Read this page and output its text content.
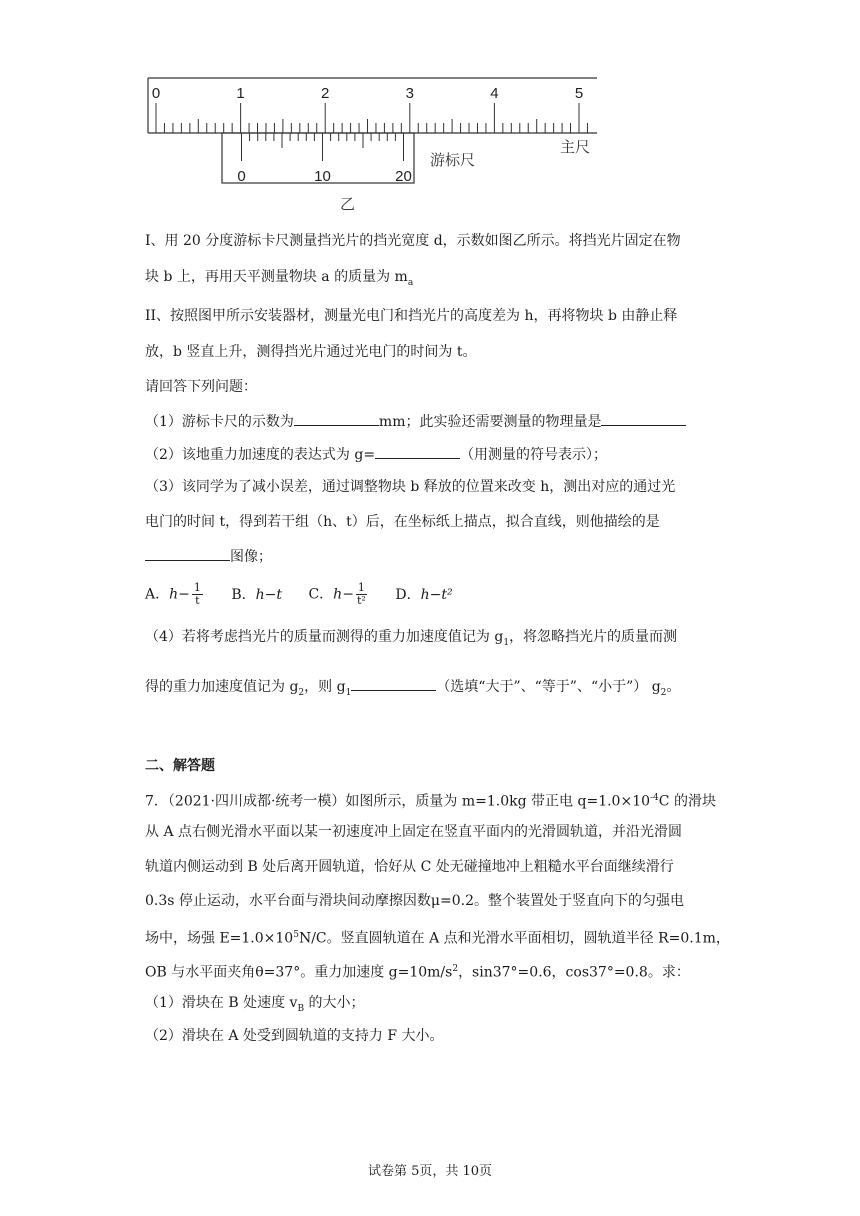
0	1	2	3	4	5
0	10	20
主尺
游标尺
乙
I、用 20 分度游标卡尺测量挡光片的挡光宽度 d，示数如图乙所示。将挡光片固定在物
块 b 上，再用天平测量物块 a 的质量为 $m_a$
II、按照图甲所示安装器材，测量光电门和挡光片的高度差为 h，再将物块 b 由静止释
放，b 竖直上升，测得挡光片通过光电门的时间为 t。
请回答下列问题：
（1）游标卡尺的示数为	mm；此实验还需要测量的物理量是
（2）该地重力加速度的表达式为 g=	（用测量的符号表示）；
（3）该同学为了减小误差，通过调整物块 b 释放的位置来改变 h，测出对应的通过光
电门的时间 t，得到若干组（h、t）后，在坐标纸上描点，拟合直线，则他描绘的是
图像；
A．$h- \frac{1}{t}$ B．h−t C．$h- \frac{1}{\text{t²}}$ D．h−t²
（4）若将考虑挡光片的质量而测得的重力加速度值记为 $g_1$，将忽略挡光片的质量而测
得的重力加速度值记为 $g_2$，则 $g_1$	（选填“大于”、“等于”、“小于”） $g_2$。
二、解答题
7．（2021·四川成都·统考一模）如图所示，质量为 m=1.0kg 带正电 $q=1.0\times 10^{-4}C$ 的滑块
从 A 点右侧光滑水平面以某一初速度冲上固定在竖直平面内的光滑圆轨道，并沿光滑圆
轨道内侧运动到 B 处后离开圆轨道，恰好从 C 处无碰撞地冲上粗糙水平台面继续滑行
0.3s 停止运动，水平台面与滑块间动摩擦因数μ=0.2。整个装置处于竖直向下的匀强电
场中，场强 $E=1.0\times 10^5N/C$。竖直圆轨道在 A 点和光滑水平面相切，圆轨道半径 R=0.1m，
OB 与水平面夹角θ=37°。重力加速度 $g=10m/s^2$，sin37°=0.6，cos37°=0.8。求：
（1）滑块在 B 处速度 $v_B$ 的大小；
（2）滑块在 A 处受到圆轨道的支持力 F 大小。
试卷第 5页，共 10页
